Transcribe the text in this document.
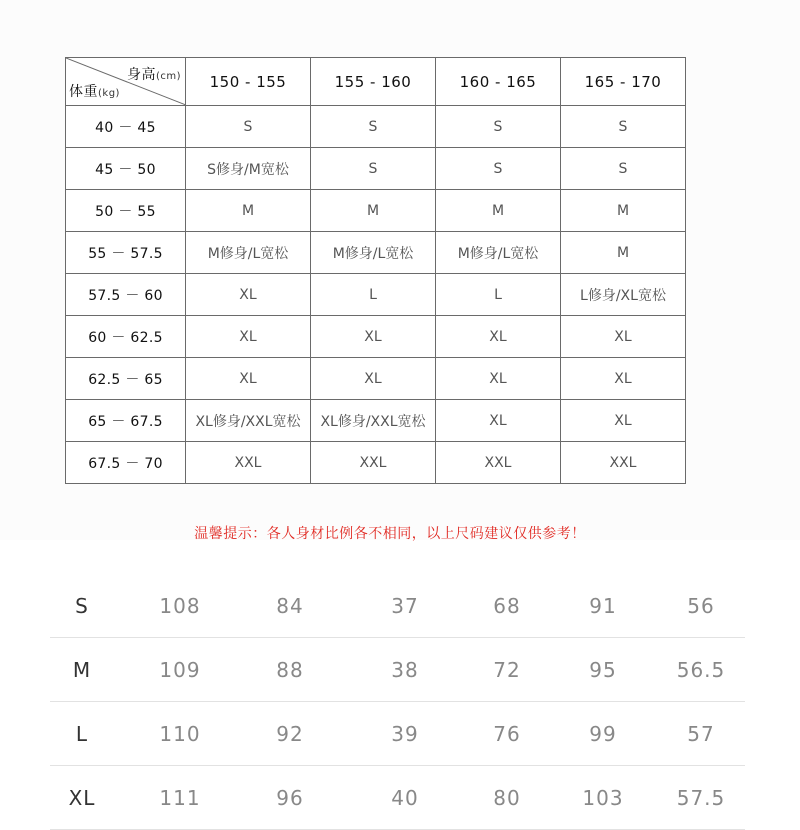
身高(cm)
体重(kg)	150 - 155	155 - 160	160 - 165	165 - 170
40 － 45	S	S	S	S
45 － 50	S修身/M宽松	S	S	S
50 － 55	M	M	M	M
55 － 57.5	M修身/L宽松	M修身/L宽松	M修身/L宽松	M
57.5 － 60	XL	L	L	L修身/XL宽松
60 － 62.5	XL	XL	XL	XL
62.5 － 65	XL	XL	XL	XL
65 － 67.5	XL修身/XXL宽松	XL修身/XXL宽松	XL	XL
67.5 － 70	XXL	XXL	XXL	XXL
温馨提示：各人身材比例各不相同，以上尺码建议仅供参考！
S	108	84	37	68	91	56
M	109	88	38	72	95	56.5
L	110	92	39	76	99	57
XL	111	96	40	80	103	57.5
